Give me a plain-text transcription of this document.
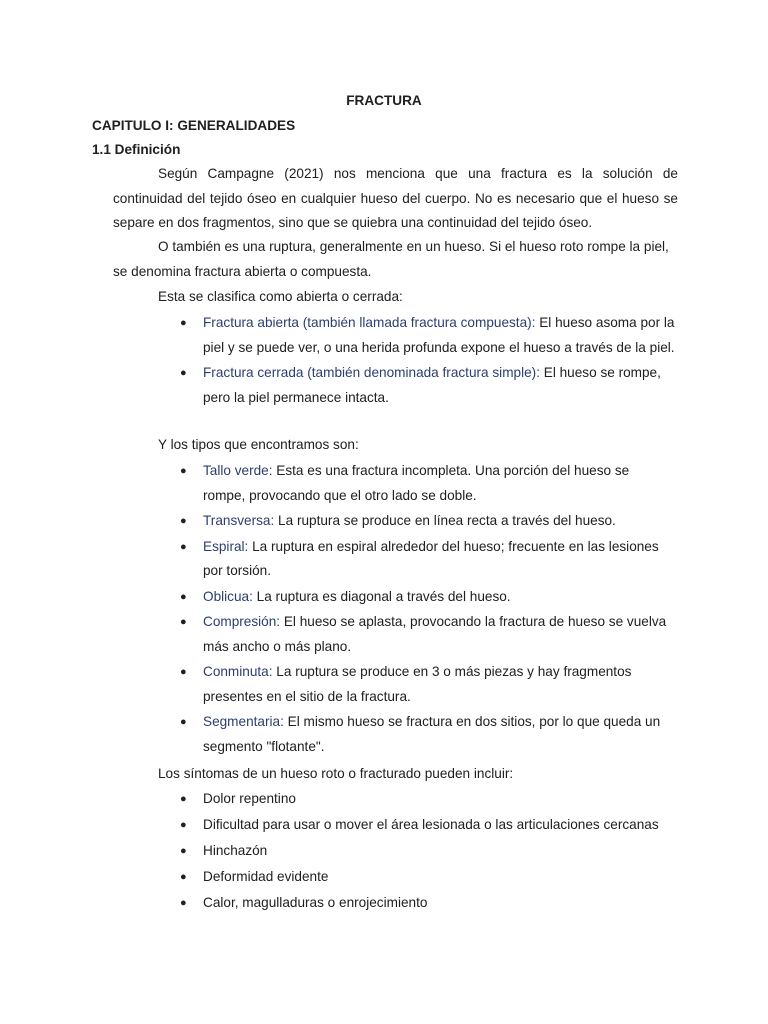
FRACTURA
CAPITULO I: GENERALIDADES
1.1 Definición

Según Campagne (2021) nos menciona que una fractura es la solución de continuidad del tejido óseo en cualquier hueso del cuerpo. No es necesario que el hueso se separe en dos fragmentos, sino que se quiebra una continuidad del tejido óseo.

O también es una ruptura, generalmente en un hueso. Si el hueso roto rompe la piel, se denomina fractura abierta o compuesta.

Esta se clasifica como abierta o cerrada:

● Fractura abierta (también llamada fractura compuesta): El hueso asoma por la piel y se puede ver, o una herida profunda expone el hueso a través de la piel.
● Fractura cerrada (también denominada fractura simple): El hueso se rompe, pero la piel permanece intacta.

Y los tipos que encontramos son:

● Tallo verde: Esta es una fractura incompleta. Una porción del hueso se rompe, provocando que el otro lado se doble.
● Transversa: La ruptura se produce en línea recta a través del hueso.
● Espiral: La ruptura en espiral alrededor del hueso; frecuente en las lesiones por torsión.
● Oblicua: La ruptura es diagonal a través del hueso.
● Compresión: El hueso se aplasta, provocando la fractura de hueso se vuelva más ancho o más plano.
● Conminuta: La ruptura se produce en 3 o más piezas y hay fragmentos presentes en el sitio de la fractura.
● Segmentaria: El mismo hueso se fractura en dos sitios, por lo que queda un segmento "flotante".

Los síntomas de un hueso roto o fracturado pueden incluir:

● Dolor repentino
● Dificultad para usar o mover el área lesionada o las articulaciones cercanas
● Hinchazón
● Deformidad evidente
● Calor, magulladuras o enrojecimiento
